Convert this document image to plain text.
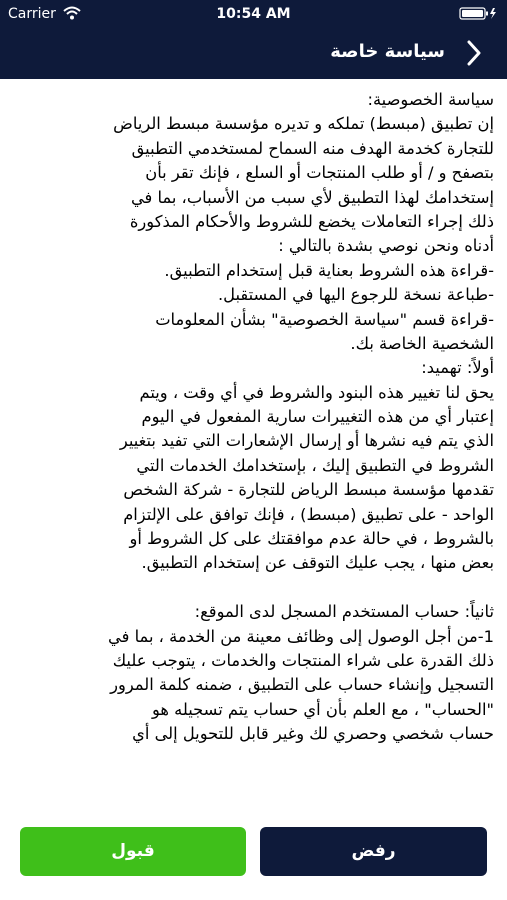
Carrier	10:54 AM
سياسة خاصة
سياسة الخصوصية:
إن تطبيق (مبسط) تملكه و تديره مؤسسة مبسط الرياض
للتجارة كخدمة الهدف منه السماح لمستخدمي التطبيق
بتصفح و / أو طلب المنتجات أو السلع ، فإنك تقر بأن
إستخدامك لهذا التطبيق لأي سبب من الأسباب، بما في
ذلك إجراء التعاملات يخضع للشروط والأحكام المذكورة
أدناه ونحن نوصي بشدة بالتالي :
-قراءة هذه الشروط بعناية قبل إستخدام التطبيق.
-طباعة نسخة للرجوع اليها في المستقبل.
-قراءة قسم "سياسة الخصوصية" بشأن المعلومات
الشخصية الخاصة بك.
أولاً: تهميد:
يحق لنا تغيير هذه البنود والشروط في أي وقت ، ويتم
إعتبار أي من هذه التغييرات سارية المفعول في اليوم
الذي يتم فيه نشرها أو إرسال الإشعارات التي تفيد بتغيير
الشروط في التطبيق إليك ، بإستخدامك الخدمات التي
تقدمها مؤسسة مبسط الرياض للتجارة - شركة الشخص
الواحد - على تطبيق (مبسط) ، فإنك توافق على الإلتزام
بالشروط ، في حالة عدم موافقتك على كل الشروط أو
بعض منها ، يجب عليك التوقف عن إستخدام التطبيق.
ثانياً: حساب المستخدم المسجل لدى الموقع:
1-من أجل الوصول إلى وظائف معينة من الخدمة ، بما في
ذلك القدرة على شراء المنتجات والخدمات ، يتوجب عليك
التسجيل وإنشاء حساب على التطبيق ، ضمنه كلمة المرور
"الحساب" ، مع العلم بأن أي حساب يتم تسجيله هو
حساب شخصي وحصري لك وغير قابل للتحويل إلى أي
قبول	رفض
